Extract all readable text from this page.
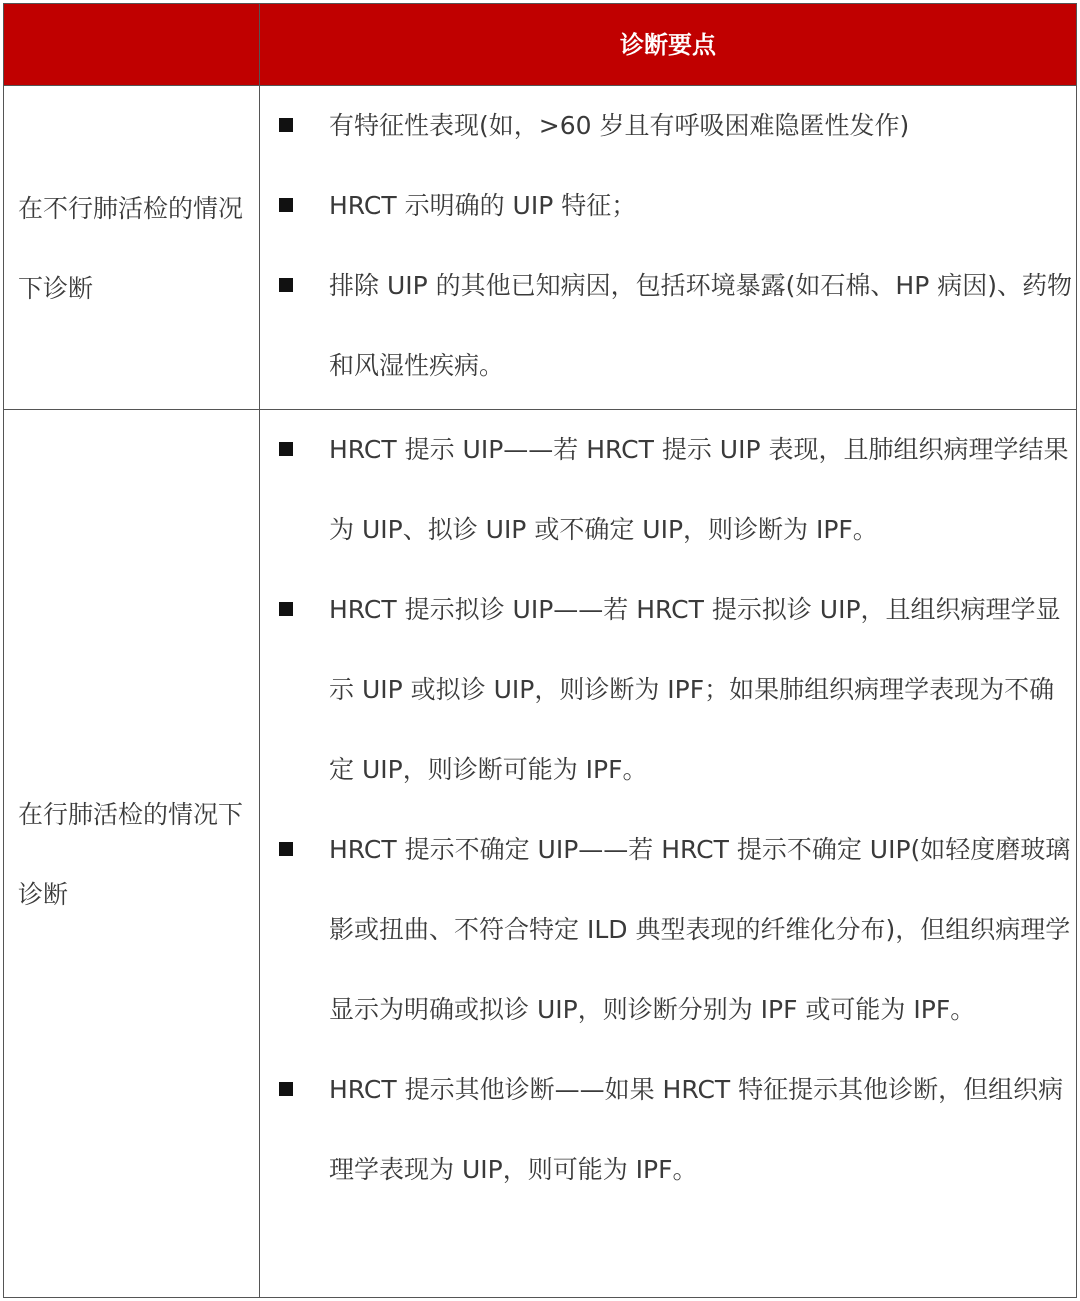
诊断要点
在不行肺活检的情况下诊断
有特征性表现(如，>60 岁且有呼吸困难隐匿性发作)
HRCT 示明确的 UIP 特征；
排除 UIP 的其他已知病因，包括环境暴露(如石棉、HP 病因)、药物和风湿性疾病。
在行肺活检的情况下诊断
HRCT 提示 UIP——若 HRCT 提示 UIP 表现，且肺组织病理学结果为 UIP、拟诊 UIP 或不确定 UIP，则诊断为 IPF。
HRCT 提示拟诊 UIP——若 HRCT 提示拟诊 UIP，且组织病理学显示 UIP 或拟诊 UIP，则诊断为 IPF；如果肺组织病理学表现为不确定 UIP，则诊断可能为 IPF。
HRCT 提示不确定 UIP——若 HRCT 提示不确定 UIP(如轻度磨玻璃影或扭曲、不符合特定 ILD 典型表现的纤维化分布)，但组织病理学显示为明确或拟诊 UIP，则诊断分别为 IPF 或可能为 IPF。
HRCT 提示其他诊断——如果 HRCT 特征提示其他诊断，但组织病理学表现为 UIP，则可能为 IPF。
